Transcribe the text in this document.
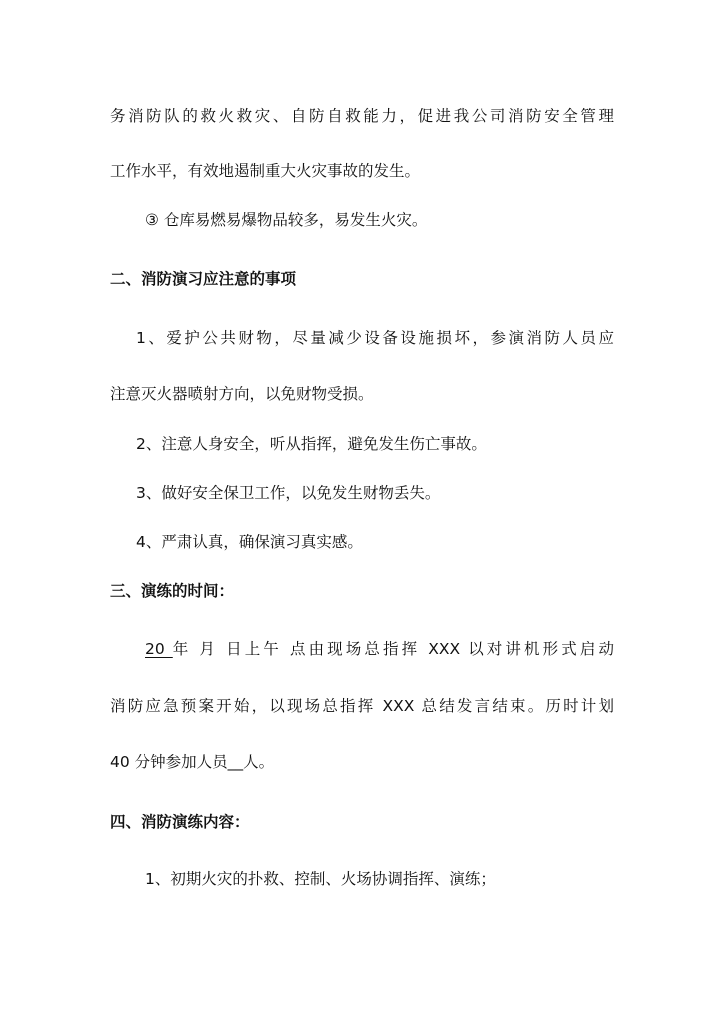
务消防队的救火救灾、自防自救能力，促进我公司消防安全管理
工作水平，有效地遏制重大火灾事故的发生。
③ 仓库易燃易爆物品较多，易发生火灾。
二、消防演习应注意的事项
1、爱护公共财物，尽量减少设备设施损坏，参演消防人员应
注意灭火器喷射方向，以免财物受损。
2、注意人身安全，听从指挥，避免发生伤亡事故。
3、做好安全保卫工作，以免发生财物丢失。
4、严肃认真，确保演习真实感。
三、演练的时间：
20 年 月 日上午 点由现场总指挥 XXX 以对讲机形式启动
消防应急预案开始，以现场总指挥 XXX 总结发言结束。历时计划
40 分钟参加人员__人。
四、消防演练内容：
1、初期火灾的扑救、控制、火场协调指挥、演练；
